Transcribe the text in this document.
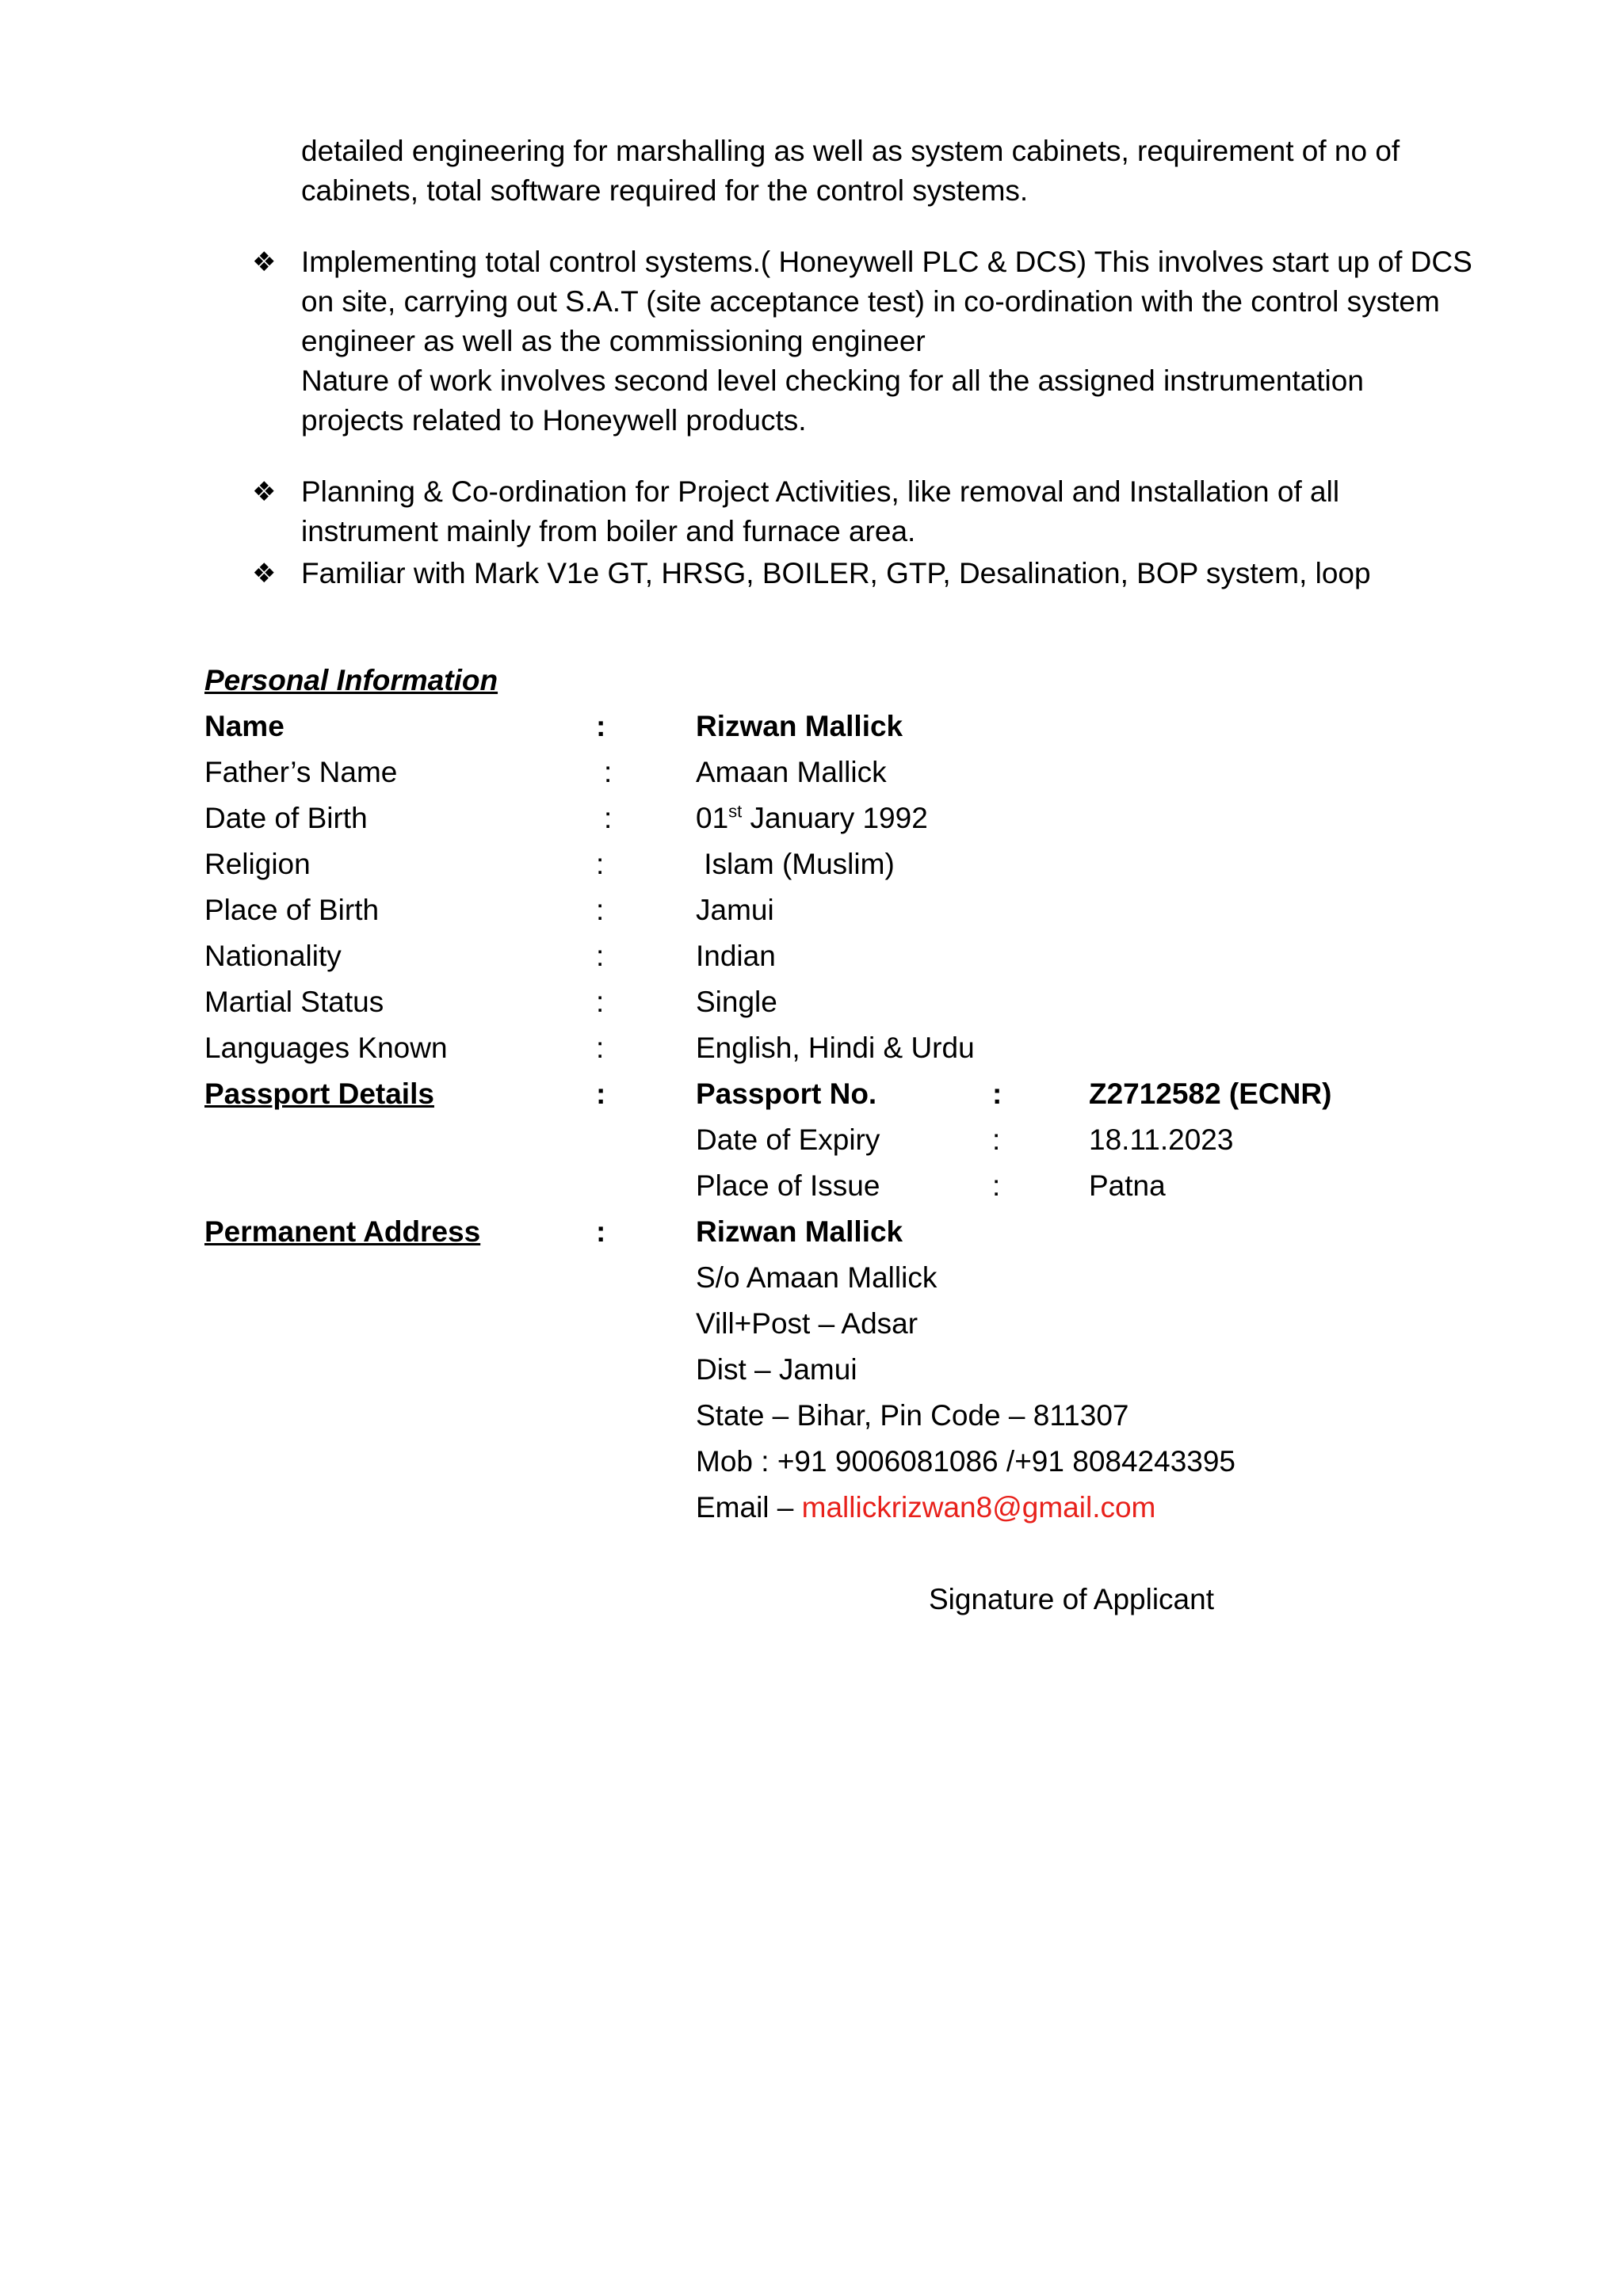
detailed engineering for marshalling as well as system cabinets, requirement of no of
cabinets, total software required for the control systems.
❖ Implementing total control systems.( Honeywell PLC & DCS) This involves start up of DCS
on site, carrying out S.A.T (site acceptance test) in co-ordination with the control system
engineer as well as the commissioning engineer
Nature of work involves second level checking for all the assigned instrumentation
projects related to Honeywell products.
❖ Planning & Co-ordination for Project Activities, like removal and Installation of all
instrument mainly from boiler and furnace area.
❖ Familiar with Mark V1e GT, HRSG, BOILER, GTP, Desalination, BOP system, loop
Personal Information
Name	:	Rizwan Mallick
Father’s Name	:	Amaan Mallick
Date of Birth	:	01st January 1992
Religion	:	Islam (Muslim)
Place of Birth	:	Jamui
Nationality	:	Indian
Martial Status	:	Single
Languages Known	:	English, Hindi & Urdu
Passport Details	:	Passport No.	:	Z2712582 (ECNR)
Date of Expiry	:	18.11.2023
Place of Issue	:	Patna
Permanent Address	:	Rizwan Mallick
S/o Amaan Mallick
Vill+Post – Adsar
Dist – Jamui
State – Bihar, Pin Code – 811307
Mob : +91 9006081086 /+91 8084243395
Email – mallickrizwan8@gmail.com
Signature of Applicant
